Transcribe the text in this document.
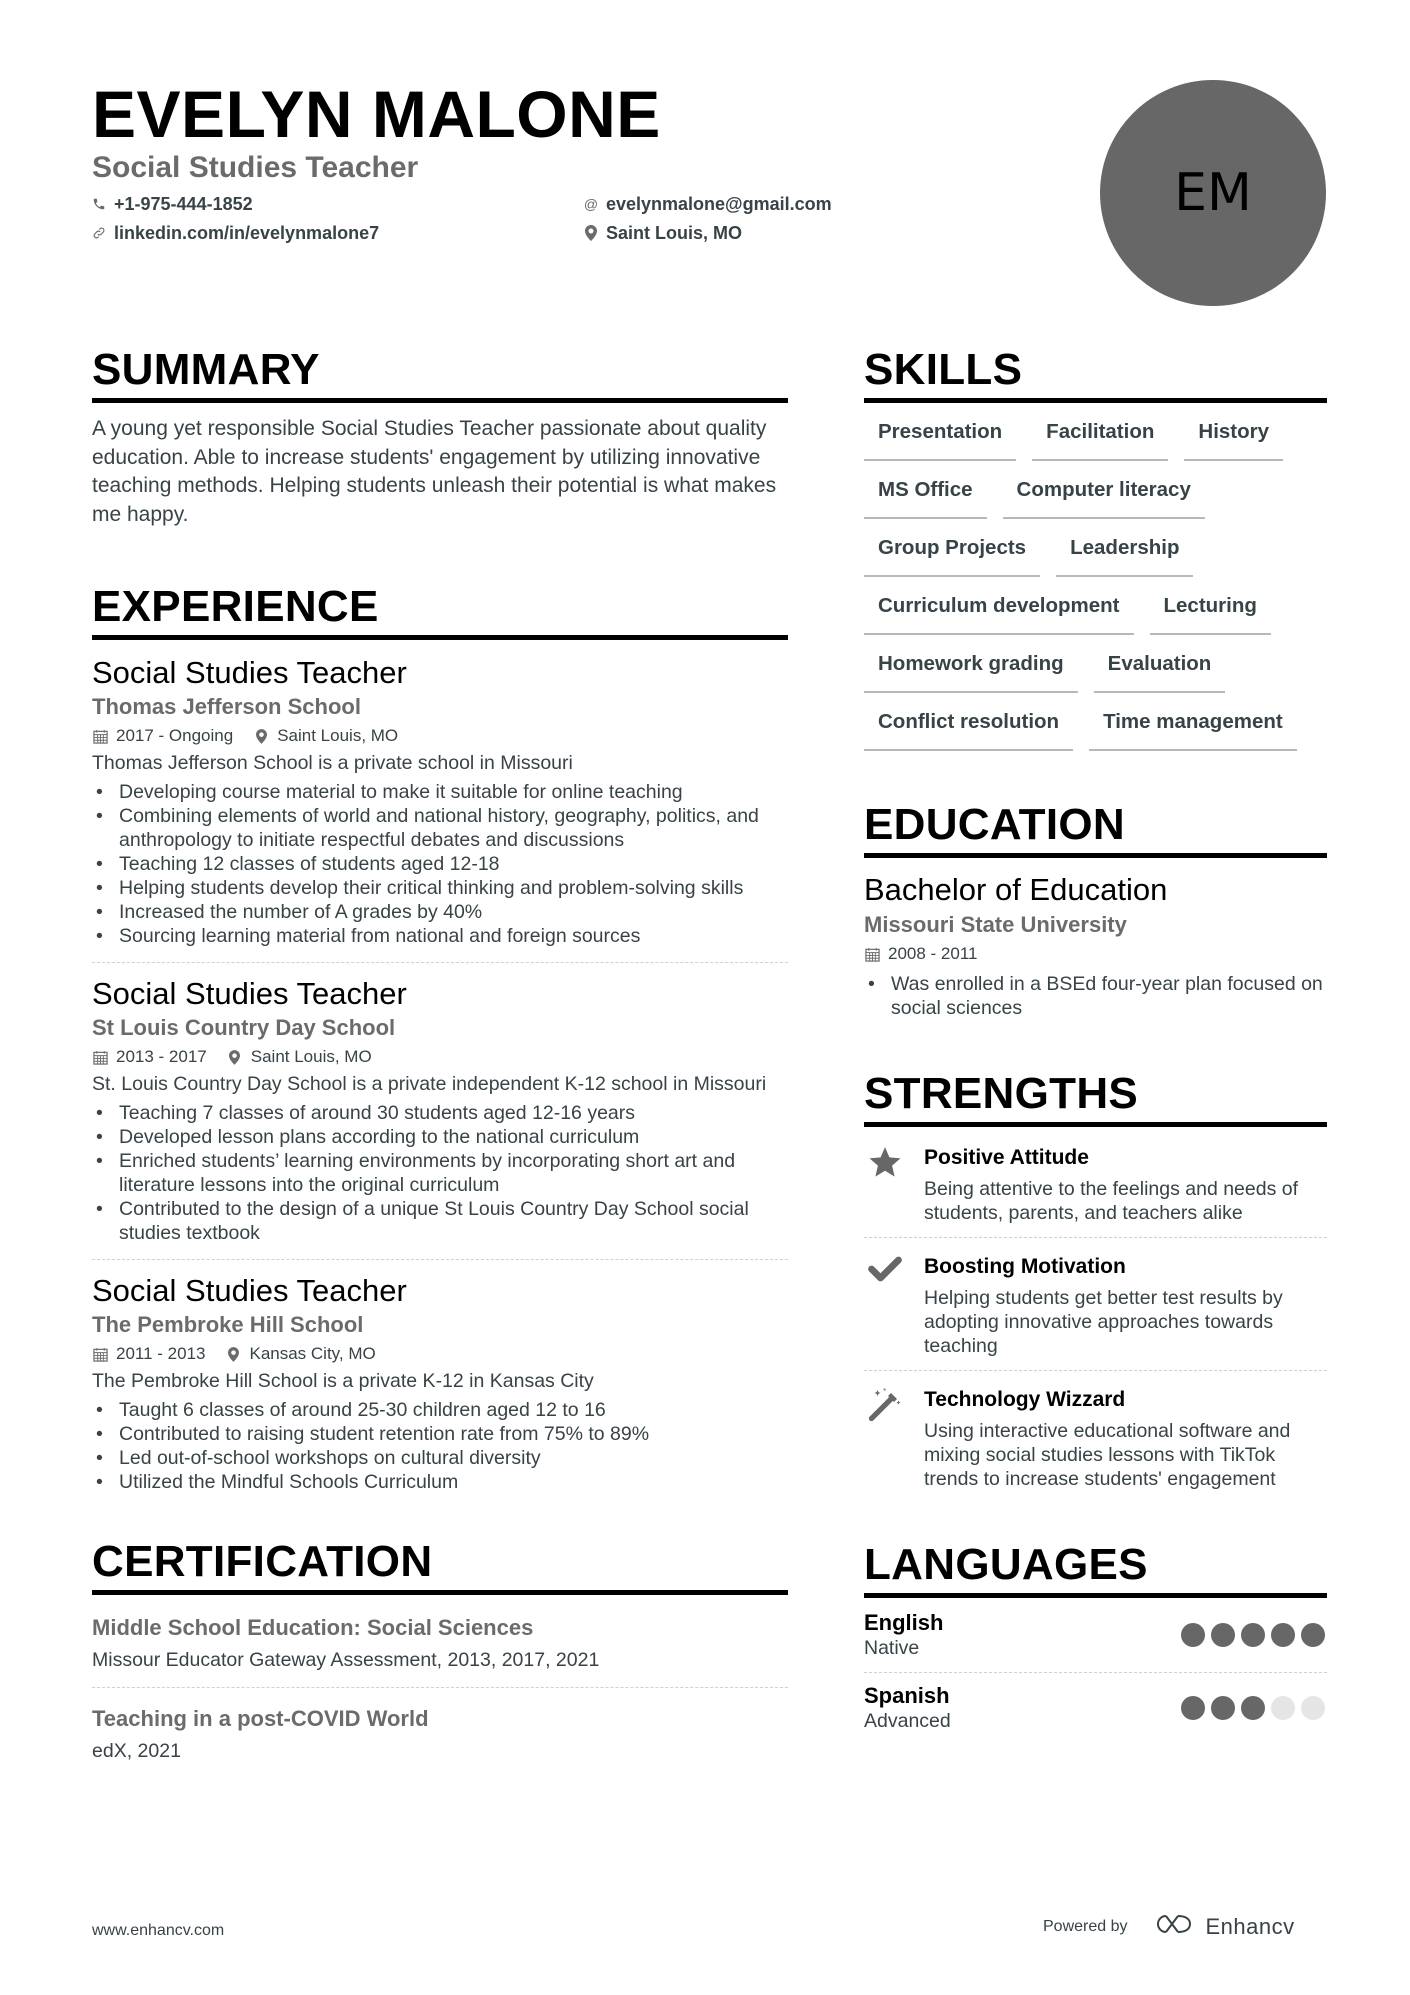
EVELYN MALONE
Social Studies Teacher
+1-975-444-1852
linkedin.com/in/evelynmalone7
@ evelynmalone@gmail.com
Saint Louis, MO
EM
SUMMARY

A young yet responsible Social Studies Teacher passionate about quality education. Able to increase students' engagement by utilizing innovative teaching methods. Helping students unleash their potential is what makes me happy.

EXPERIENCE
Social Studies Teacher
Thomas Jefferson School
2017 - Ongoing	Saint Louis, MO
Thomas Jefferson School is a private school in Missouri
• Developing course material to make it suitable for online teaching
• Combining elements of world and national history, geography, politics, and anthropology to initiate respectful debates and discussions
• Teaching 12 classes of students aged 12-18
• Helping students develop their critical thinking and problem-solving skills
• Increased the number of A grades by 40%
• Sourcing learning material from national and foreign sources
Social Studies Teacher
St Louis Country Day School
2013 - 2017	Saint Louis, MO
St. Louis Country Day School is a private independent K-12 school in Missouri
• Teaching 7 classes of around 30 students aged 12-16 years
• Developed lesson plans according to the national curriculum
• Enriched students’ learning environments by incorporating short art and literature lessons into the original curriculum
• Contributed to the design of a unique St Louis Country Day School social studies textbook
Social Studies Teacher
The Pembroke Hill School
2011 - 2013	Kansas City, MO
The Pembroke Hill School is a private K-12 in Kansas City
• Taught 6 classes of around 25-30 children aged 12 to 16
• Contributed to raising student retention rate from 75% to 89%
• Led out-of-school workshops on cultural diversity
• Utilized the Mindful Schools Curriculum
CERTIFICATION
Middle School Education: Social Sciences
Missour Educator Gateway Assessment, 2013, 2017, 2021
Teaching in a post-COVID World
edX, 2021
SKILLS
Presentation	Facilitation	History
MS Office	Computer literacy
Group Projects	Leadership
Curriculum development	Lecturing
Homework grading	Evaluation
Conflict resolution	Time management
EDUCATION
Bachelor of Education
Missouri State University
2008 - 2011
• Was enrolled in a BSEd four-year plan focused on social sciences
STRENGTHS
Positive Attitude
Being attentive to the feelings and needs of students, parents, and teachers alike
Boosting Motivation
Helping students get better test results by adopting innovative approaches towards teaching
Technology Wizzard
Using interactive educational software and mixing social studies lessons with TikTok trends to increase students' engagement
LANGUAGES
English
Native
Spanish
Advanced
www.enhancv.com	Powered by	Enhancv
